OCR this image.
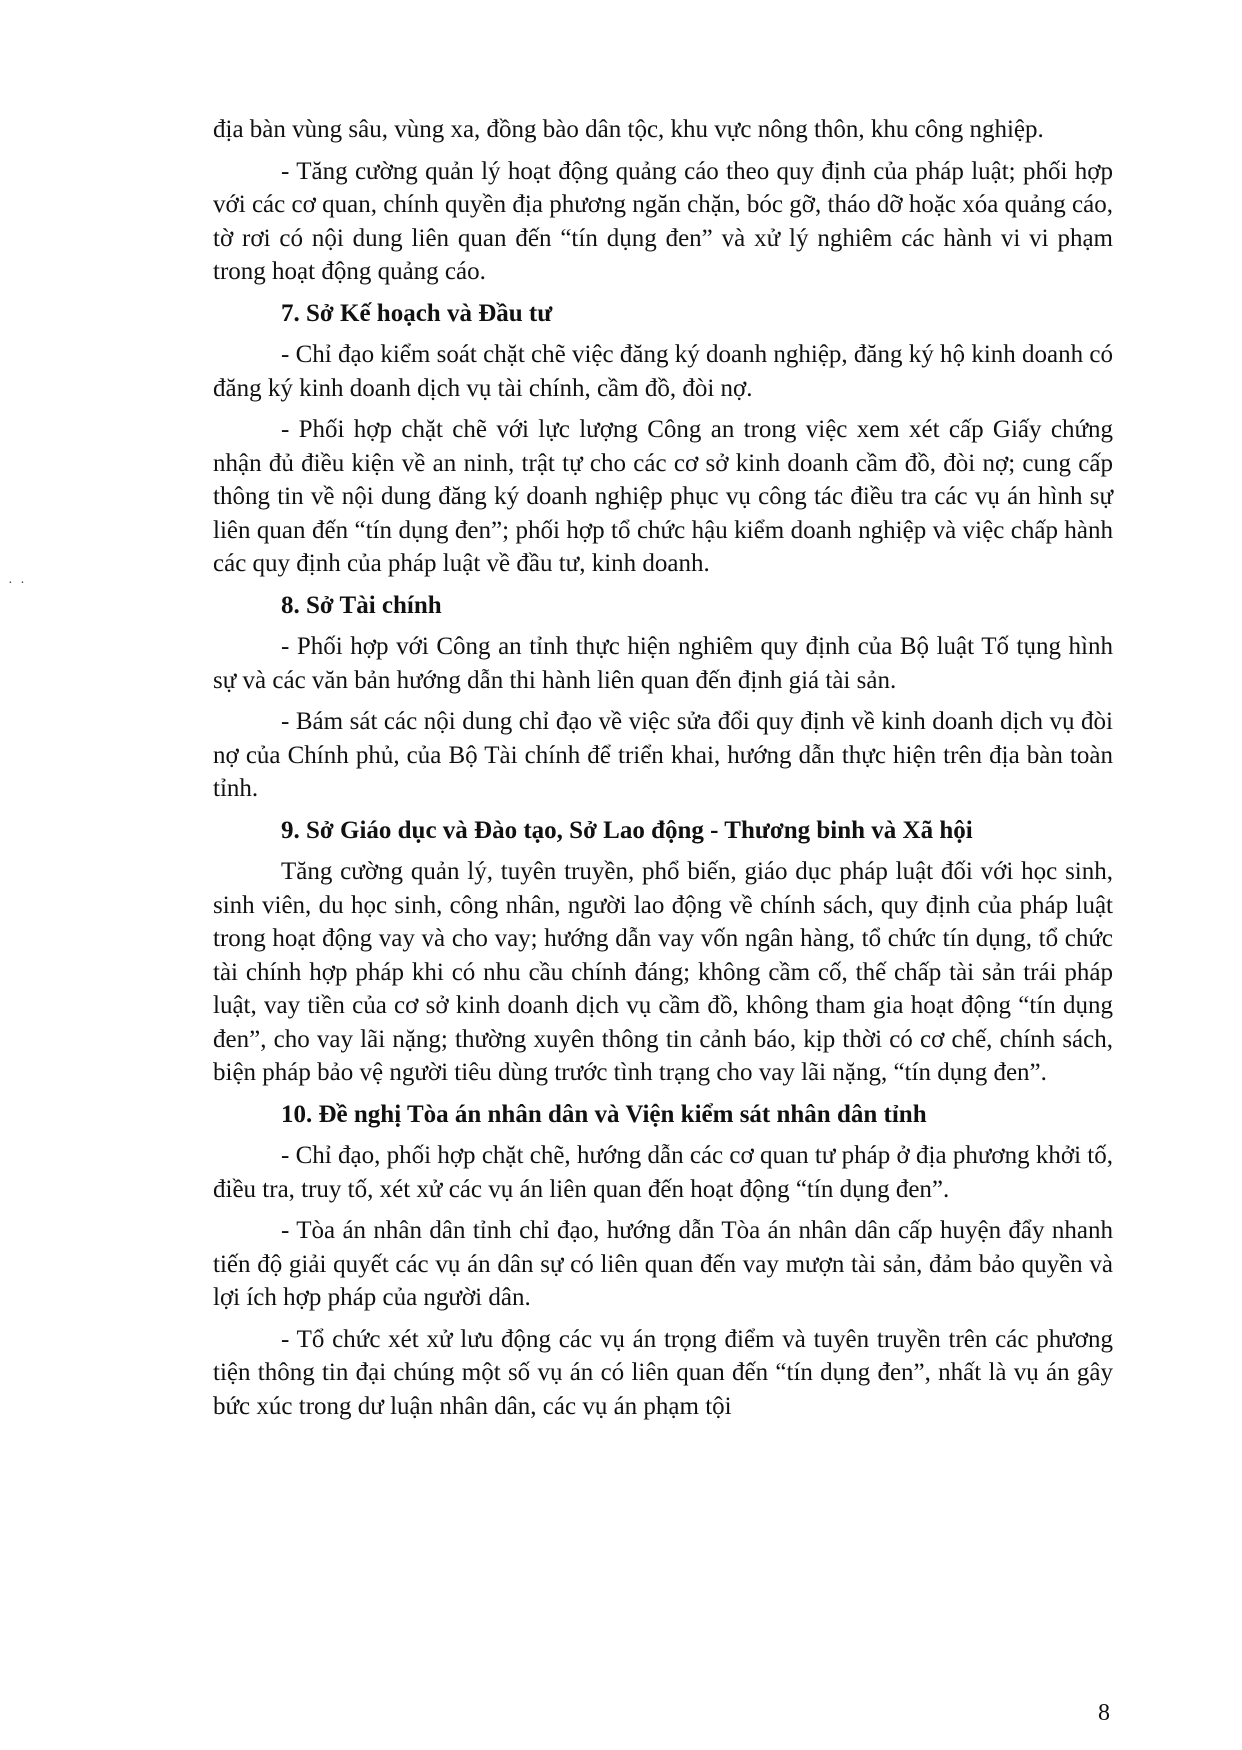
địa bàn vùng sâu, vùng xa, đồng bào dân tộc, khu vực nông thôn, khu công nghiệp.

- Tăng cường quản lý hoạt động quảng cáo theo quy định của pháp luật; phối hợp với các cơ quan, chính quyền địa phương ngăn chặn, bóc gỡ, tháo dỡ hoặc xóa quảng cáo, tờ rơi có nội dung liên quan đến “tín dụng đen” và xử lý nghiêm các hành vi vi phạm trong hoạt động quảng cáo.

7. Sở Kế hoạch và Đầu tư

- Chỉ đạo kiểm soát chặt chẽ việc đăng ký doanh nghiệp, đăng ký hộ kinh doanh có đăng ký kinh doanh dịch vụ tài chính, cầm đồ, đòi nợ.

- Phối hợp chặt chẽ với lực lượng Công an trong việc xem xét cấp Giấy chứng nhận đủ điều kiện về an ninh, trật tự cho các cơ sở kinh doanh cầm đồ, đòi nợ; cung cấp thông tin về nội dung đăng ký doanh nghiệp phục vụ công tác điều tra các vụ án hình sự liên quan đến “tín dụng đen”; phối hợp tổ chức hậu kiểm doanh nghiệp và việc chấp hành các quy định của pháp luật về đầu tư, kinh doanh.

8. Sở Tài chính

- Phối hợp với Công an tỉnh thực hiện nghiêm quy định của Bộ luật Tố tụng hình sự và các văn bản hướng dẫn thi hành liên quan đến định giá tài sản.

- Bám sát các nội dung chỉ đạo về việc sửa đổi quy định về kinh doanh dịch vụ đòi nợ của Chính phủ, của Bộ Tài chính để triển khai, hướng dẫn thực hiện trên địa bàn toàn tỉnh.

9. Sở Giáo dục và Đào tạo, Sở Lao động - Thương binh và Xã hội

Tăng cường quản lý, tuyên truyền, phổ biến, giáo dục pháp luật đối với học sinh, sinh viên, du học sinh, công nhân, người lao động về chính sách, quy định của pháp luật trong hoạt động vay và cho vay; hướng dẫn vay vốn ngân hàng, tổ chức tín dụng, tổ chức tài chính hợp pháp khi có nhu cầu chính đáng; không cầm cố, thế chấp tài sản trái pháp luật, vay tiền của cơ sở kinh doanh dịch vụ cầm đồ, không tham gia hoạt động “tín dụng đen”, cho vay lãi nặng; thường xuyên thông tin cảnh báo, kịp thời có cơ chế, chính sách, biện pháp bảo vệ người tiêu dùng trước tình trạng cho vay lãi nặng, “tín dụng đen”.

10. Đề nghị Tòa án nhân dân và Viện kiểm sát nhân dân tỉnh

- Chỉ đạo, phối hợp chặt chẽ, hướng dẫn các cơ quan tư pháp ở địa phương khởi tố, điều tra, truy tố, xét xử các vụ án liên quan đến hoạt động “tín dụng đen”.

- Tòa án nhân dân tỉnh chỉ đạo, hướng dẫn Tòa án nhân dân cấp huyện đẩy nhanh tiến độ giải quyết các vụ án dân sự có liên quan đến vay mượn tài sản, đảm bảo quyền và lợi ích hợp pháp của người dân.

- Tổ chức xét xử lưu động các vụ án trọng điểm và tuyên truyền trên các phương tiện thông tin đại chúng một số vụ án có liên quan đến “tín dụng đen”, nhất là vụ án gây bức xúc trong dư luận nhân dân, các vụ án phạm tội

· ·
8
